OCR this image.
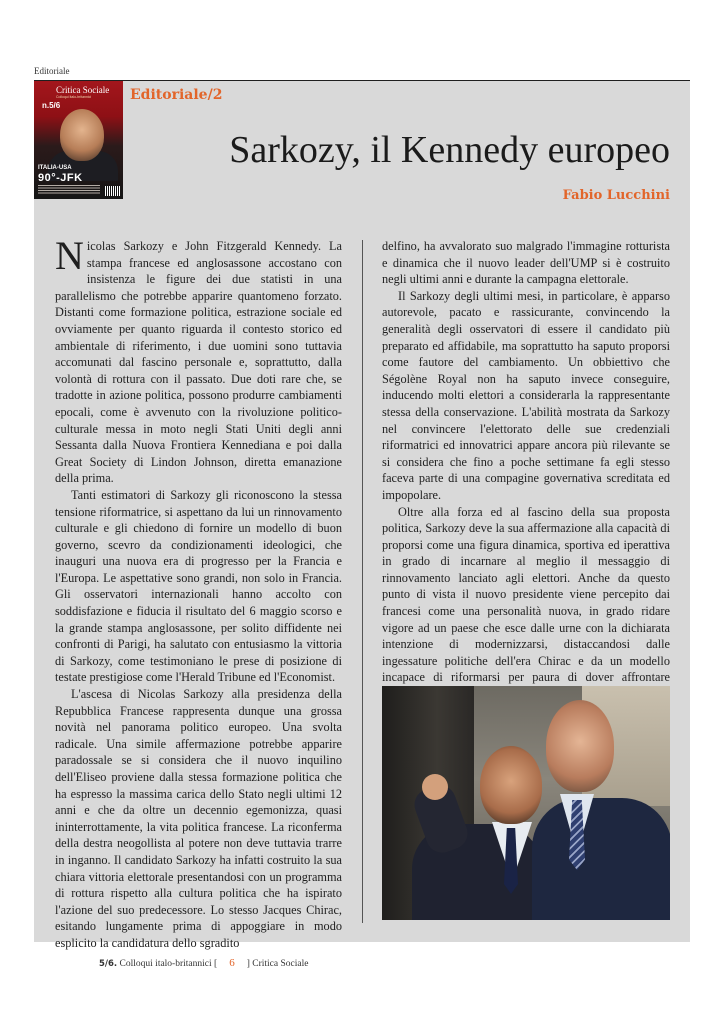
Editoriale
Critica Sociale
Colloqui italo-britannici
n.5/6
ITALIA-USA
90°-JFK
Editoriale/2
Sarkozy, il Kennedy europeo
Fabio Lucchini

Nicolas Sarkozy e John Fitzgerald Kennedy. La stampa francese ed anglosassone accostano con insistenza le figure dei due statisti in una parallelismo che potrebbe apparire quantomeno forzato. Distanti come formazione politica, estrazione sociale ed ovviamente per quanto riguarda il contesto storico ed ambientale di riferimento, i due uomini sono tuttavia accomunati dal fascino personale e, soprattutto, dalla volontà di rottura con il passato. Due doti rare che, se tradotte in azione politica, possono produrre cambiamenti epocali, come è avvenuto con la rivoluzione politico-culturale messa in moto negli Stati Uniti degli anni Sessanta dalla Nuova Frontiera Kennediana e poi dalla Great Society di Lindon Johnson, diretta emanazione della prima.

Tanti estimatori di Sarkozy gli riconoscono la stessa tensione riformatrice, si aspettano da lui un rinnovamento culturale e gli chiedono di fornire un modello di buon governo, scevro da condizionamenti ideologici, che inauguri una nuova era di progresso per la Francia e l'Europa. Le aspettative sono grandi, non solo in Francia. Gli osservatori internazionali hanno accolto con soddisfazione e fiducia il risultato del 6 maggio scorso e la grande stampa anglosassone, per solito diffidente nei confronti di Parigi, ha salutato con entusiasmo la vittoria di Sarkozy, come testimoniano le prese di posizione di testate prestigiose come l'Herald Tribune ed l'Economist.

L'ascesa di Nicolas Sarkozy alla presidenza della Repubblica Francese rappresenta dunque una grossa novità nel panorama politico europeo. Una svolta radicale. Una simile affermazione potrebbe apparire paradossale se si considera che il nuovo inquilino dell'Eliseo proviene dalla stessa formazione politica che ha espresso la massima carica dello Stato negli ultimi 12 anni e che da oltre un decennio egemonizza, quasi ininterrottamente, la vita politica francese. La riconferma della destra neogollista al potere non deve tuttavia trarre in inganno. Il candidato Sarkozy ha infatti costruito la sua chiara vittoria elettorale presentandosi con un programma di rottura rispetto alla cultura politica che ha ispirato l'azione del suo predecessore. Lo stesso Jacques Chirac, esitando lungamente prima di appoggiare in modo esplicito la candidatura dello sgradito

delfino, ha avvalorato suo malgrado l'immagine rotturista e dinamica che il nuovo leader dell'UMP si è costruito negli ultimi anni e durante la campagna elettorale.

Il Sarkozy degli ultimi mesi, in particolare, è apparso autorevole, pacato e rassicurante, convincendo la generalità degli osservatori di essere il candidato più preparato ed affidabile, ma soprattutto ha saputo proporsi come fautore del cambiamento. Un obbiettivo che Ségolène Royal non ha saputo invece conseguire, inducendo molti elettori a considerarla la rappresentante stessa della conservazione. L'abilità mostrata da Sarkozy nel convincere l'elettorato delle sue credenziali riformatrici ed innovatrici appare ancora più rilevante se si considera che fino a poche settimane fa egli stesso faceva parte di una compagine governativa screditata ed impopolare.

Oltre alla forza ed al fascino della sua proposta politica, Sarkozy deve la sua affermazione alla capacità di proporsi come una figura dinamica, sportiva ed iperattiva in grado di incarnare al meglio il messaggio di rinnovamento lanciato agli elettori. Anche da questo punto di vista il nuovo presidente viene percepito dai francesi come una personalità nuova, in grado ridare vigore ad un paese che esce dalle urne con la dichiarata intenzione di modernizzarsi, distaccandosi dalle ingessature politiche dell'era Chirac e da un modello incapace di riformarsi per paura di dover affrontare

5/6. Colloqui italo-britannici [ 6 ] Critica Sociale
